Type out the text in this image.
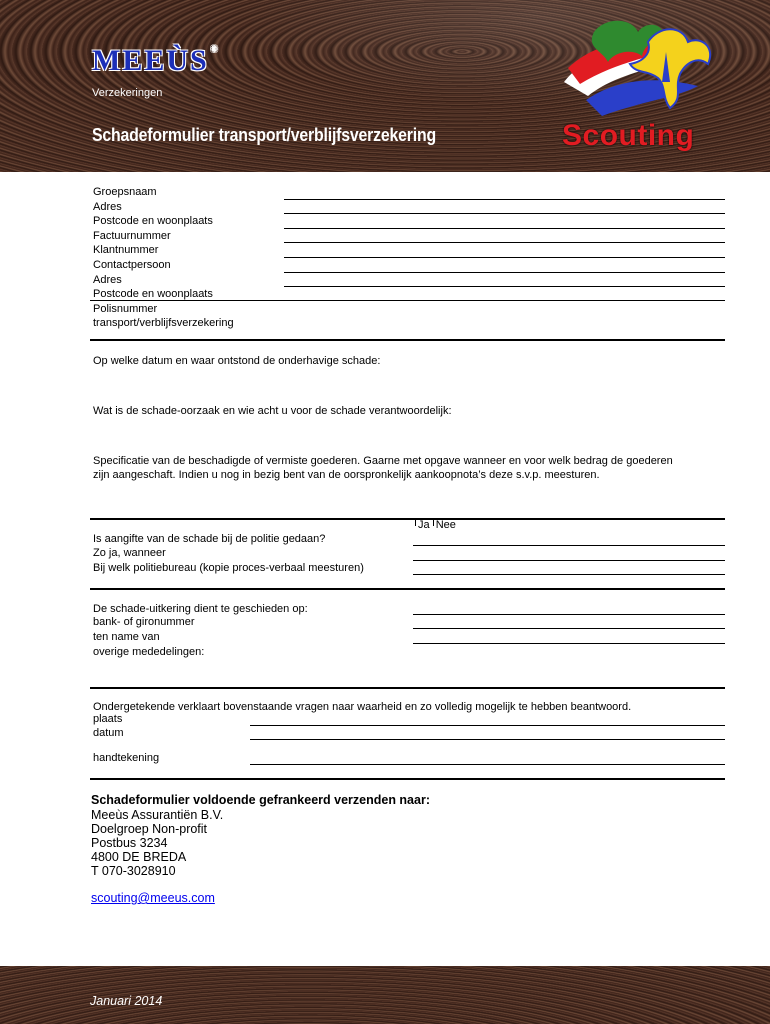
MEEÙS ®
Verzekeringen
Schadeformulier transport/verblijfsverzekering	Scouting
Groepsnaam
Adres
Postcode en woonplaats
Factuurnummer
Klantnummer
Contactpersoon
Adres
Postcode en woonplaats
Polisnummer
transport/verblijfsverzekering
Op welke datum en waar ontstond de onderhavige schade:
Wat is de schade-oorzaak en wie acht u voor de schade verantwoordelijk:
Specificatie van de beschadigde of vermiste goederen. Gaarne met opgave wanneer en voor welk bedrag de goederen
zijn aangeschaft. Indien u nog in bezig bent van de oorspronkelijk aankoopnota’s deze s.v.p. meesturen.
Ja Nee
Is aangifte van de schade bij de politie gedaan?
Zo ja, wanneer
Bij welk politiebureau (kopie proces-verbaal meesturen)
De schade-uitkering dient te geschieden op:
bank- of gironummer
ten name van
overige mededelingen:
Ondergetekende verklaart bovenstaande vragen naar waarheid en zo volledig mogelijk te hebben beantwoord.
plaats
datum
handtekening
Schadeformulier voldoende gefrankeerd verzenden naar:
Meeùs Assurantiën B.V.
Doelgroep Non-profit
Postbus 3234
4800 DE BREDA
T 070-3028910
scouting@meeus.com
Januari 2014
